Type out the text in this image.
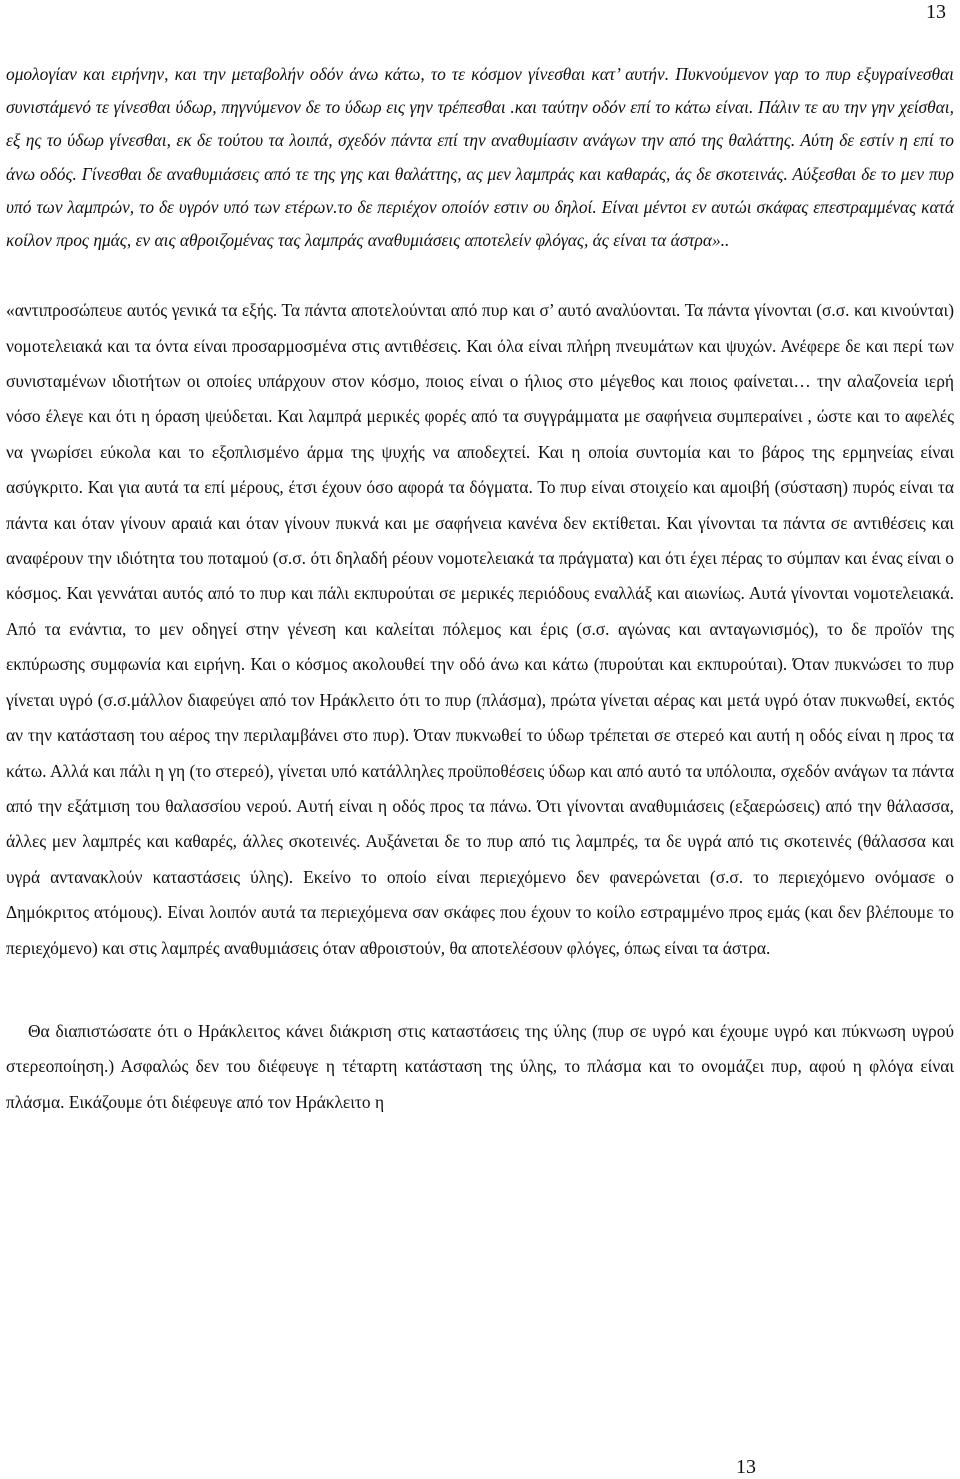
13

ομολογίαν και ειρήνην, και την μεταβολήν οδόν άνω κάτω, το τε κόσμον γίνεσθαι κατ’ αυτήν. Πυκνούμενον γαρ το πυρ εξυγραίνεσθαι συνιστάμενό τε γίνεσθαι ύδωρ, πηγνύμενον δε το ύδωρ εις γην τρέπεσθαι .και ταύτην οδόν επί το κάτω είναι. Πάλιν τε αυ την γην χείσθαι, εξ ης το ύδωρ γίνεσθαι, εκ δε τούτου τα λοιπά, σχεδόν πάντα επί την αναθυμίασιν ανάγων την από της θαλάττης. Αύτη δε εστίν η επί το άνω οδός. Γίνεσθαι δε αναθυμιάσεις από τε της γης και θαλάττης, ας μεν λαμπράς και καθαράς, άς δε σκοτεινάς. Αύξεσθαι δε το μεν πυρ υπό των λαμπρών, το δε υγρόν υπό των ετέρων.το δε περιέχον οποίόν εστιν ου δηλοί. Είναι μέντοι εν αυτώι σκάφας επεστραμμένας κατά κοίλον προς ημάς, εν αις αθροιζομένας τας λαμπράς αναθυμιάσεις αποτελείν φλόγας, άς είναι τα άστρα»..

«αντιπροσώπευε αυτός γενικά τα εξής. Τα πάντα αποτελούνται από πυρ και σ’ αυτό αναλύονται. Τα πάντα γίνονται (σ.σ. και κινούνται) νομοτελειακά και τα όντα είναι προσαρμοσμένα στις αντιθέσεις. Και όλα είναι πλήρη πνευμάτων και ψυχών. Ανέφερε δε και περί των συνισταμένων ιδιοτήτων οι οποίες υπάρχουν στον κόσμο, ποιος είναι ο ήλιος στο μέγεθος και ποιος φαίνεται… την αλαζονεία ιερή νόσο έλεγε και ότι η όραση ψεύδεται. Και λαμπρά μερικές φορές από τα συγγράμματα με σαφήνεια συμπεραίνει , ώστε και το αφελές να γνωρίσει εύκολα και το εξοπλισμένο άρμα της ψυχής να αποδεχτεί. Και η οποία συντομία και το βάρος της ερμηνείας είναι ασύγκριτο. Και για αυτά τα επί μέρους, έτσι έχουν όσο αφορά τα δόγματα. Το πυρ είναι στοιχείο και αμοιβή (σύσταση) πυρός είναι τα πάντα και όταν γίνουν αραιά και όταν γίνουν πυκνά και με σαφήνεια κανένα δεν εκτίθεται. Και γίνονται τα πάντα σε αντιθέσεις και αναφέρουν την ιδιότητα του ποταμού (σ.σ. ότι δηλαδή ρέουν νομοτελειακά τα πράγματα) και ότι έχει πέρας το σύμπαν και ένας είναι ο κόσμος. Και γεννάται αυτός από το πυρ και πάλι εκπυρούται σε μερικές περιόδους εναλλάξ και αιωνίως. Αυτά γίνονται νομοτελειακά. Από τα ενάντια, το μεν οδηγεί στην γένεση και καλείται πόλεμος και έρις (σ.σ. αγώνας και ανταγωνισμός), το δε προϊόν της εκπύρωσης συμφωνία και ειρήνη. Και ο κόσμος ακολουθεί την οδό άνω και κάτω (πυρούται και εκπυρούται). Όταν πυκνώσει το πυρ γίνεται υγρό (σ.σ.μάλλον διαφεύγει από τον Ηράκλειτο ότι το πυρ (πλάσμα), πρώτα γίνεται αέρας και μετά υγρό όταν πυκνωθεί, εκτός αν την κατάσταση του αέρος την περιλαμβάνει στο πυρ). Όταν πυκνωθεί το ύδωρ τρέπεται σε στερεό και αυτή η οδός είναι η προς τα κάτω. Αλλά και πάλι η γη (το στερεό), γίνεται υπό κατάλληλες προϋποθέσεις ύδωρ και από αυτό τα υπόλοιπα, σχεδόν ανάγων τα πάντα από την εξάτμιση του θαλασσίου νερού. Αυτή είναι η οδός προς τα πάνω. Ότι γίνονται αναθυμιάσεις (εξαερώσεις) από την θάλασσα, άλλες μεν λαμπρές και καθαρές, άλλες σκοτεινές. Αυξάνεται δε το πυρ από τις λαμπρές, τα δε υγρά από τις σκοτεινές (θάλασσα και υγρά αντανακλούν καταστάσεις ύλης). Εκείνο το οποίο είναι περιεχόμενο δεν φανερώνεται (σ.σ. το περιεχόμενο ονόμασε ο Δημόκριτος ατόμους). Είναι λοιπόν αυτά τα περιεχόμενα σαν σκάφες που έχουν το κοίλο εστραμμένο προς εμάς (και δεν βλέπουμε το περιεχόμενο) και στις λαμπρές αναθυμιάσεις όταν αθροιστούν, θα αποτελέσουν φλόγες, όπως είναι τα άστρα.

Θα διαπιστώσατε ότι ο Ηράκλειτος κάνει διάκριση στις καταστάσεις της ύλης (πυρ σε υγρό και έχουμε υγρό και πύκνωση υγρού στερεοποίηση.) Ασφαλώς δεν του διέφευγε η τέταρτη κατάσταση της ύλης, το πλάσμα και το ονομάζει πυρ, αφού η φλόγα είναι πλάσμα. Εικάζουμε ότι διέφευγε από τον Ηράκλειτο η

13
